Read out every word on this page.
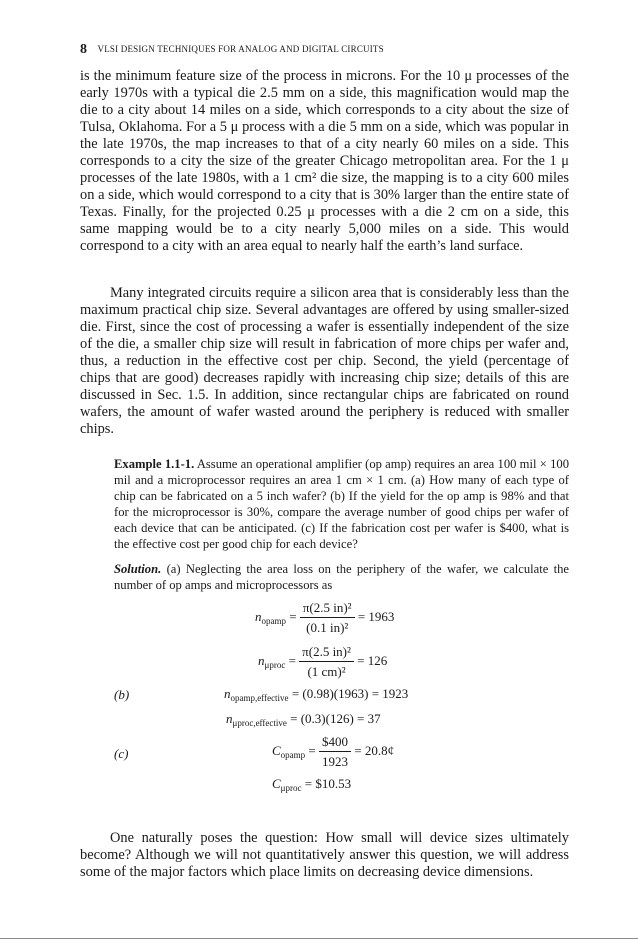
8 VLSI DESIGN TECHNIQUES FOR ANALOG AND DIGITAL CIRCUITS

is the minimum feature size of the process in microns. For the 10 μ processes of the early 1970s with a typical die 2.5 mm on a side, this magnification would map the die to a city about 14 miles on a side, which corresponds to a city about the size of Tulsa, Oklahoma. For a 5 μ process with a die 5 mm on a side, which was popular in the late 1970s, the map increases to that of a city nearly 60 miles on a side. This corresponds to a city the size of the greater Chicago metropolitan area. For the 1 μ processes of the late 1980s, with a 1 cm² die size, the mapping is to a city 600 miles on a side, which would correspond to a city that is 30% larger than the entire state of Texas. Finally, for the projected 0.25 μ processes with a die 2 cm on a side, this same mapping would be to a city nearly 5,000 miles on a side. This would correspond to a city with an area equal to nearly half the earth’s land surface.

Many integrated circuits require a silicon area that is considerably less than the maximum practical chip size. Several advantages are offered by using smaller-sized die. First, since the cost of processing a wafer is essentially independent of the size of the die, a smaller chip size will result in fabrication of more chips per wafer and, thus, a reduction in the effective cost per chip. Second, the yield (percentage of chips that are good) decreases rapidly with increasing chip size; details of this are discussed in Sec. 1.5. In addition, since rectangular chips are fabricated on round wafers, the amount of wafer wasted around the periphery is reduced with smaller chips.

Example 1.1-1. Assume an operational amplifier (op amp) requires an area 100 mil × 100 mil and a microprocessor requires an area 1 cm × 1 cm. (a) How many of each type of chip can be fabricated on a 5 inch wafer? (b) If the yield for the op amp is 98% and that for the microprocessor is 30%, compare the average number of good chips per wafer of each device that can be anticipated. (c) If the fabrication cost per wafer is $400, what is the effective cost per good chip for each device?

Solution. (a) Neglecting the area loss on the periphery of the wafer, we calculate the number of op amps and microprocessors as

$n_{opamp} = \frac{\text{π(2.5 in)²}}{\text{(0.1 in)²}} = 1963$
$n_{\mu proc} = \frac{\text{π(2.5 in)²}}{\text{(1 cm)²}} = 126$
(b)	$n_{opamp,effective} = (0.98)(1963) = 1923$
$n_{\mu proc,effective} = (0.3)(126) = 37$
(c)	$C_{opamp} = \frac{\$400}{1923}$ = 20.8¢
$C_{\mu proc}$ = $10.53

One naturally poses the question: How small will device sizes ultimately become? Although we will not quantitatively answer this question, we will address some of the major factors which place limits on decreasing device dimensions.
